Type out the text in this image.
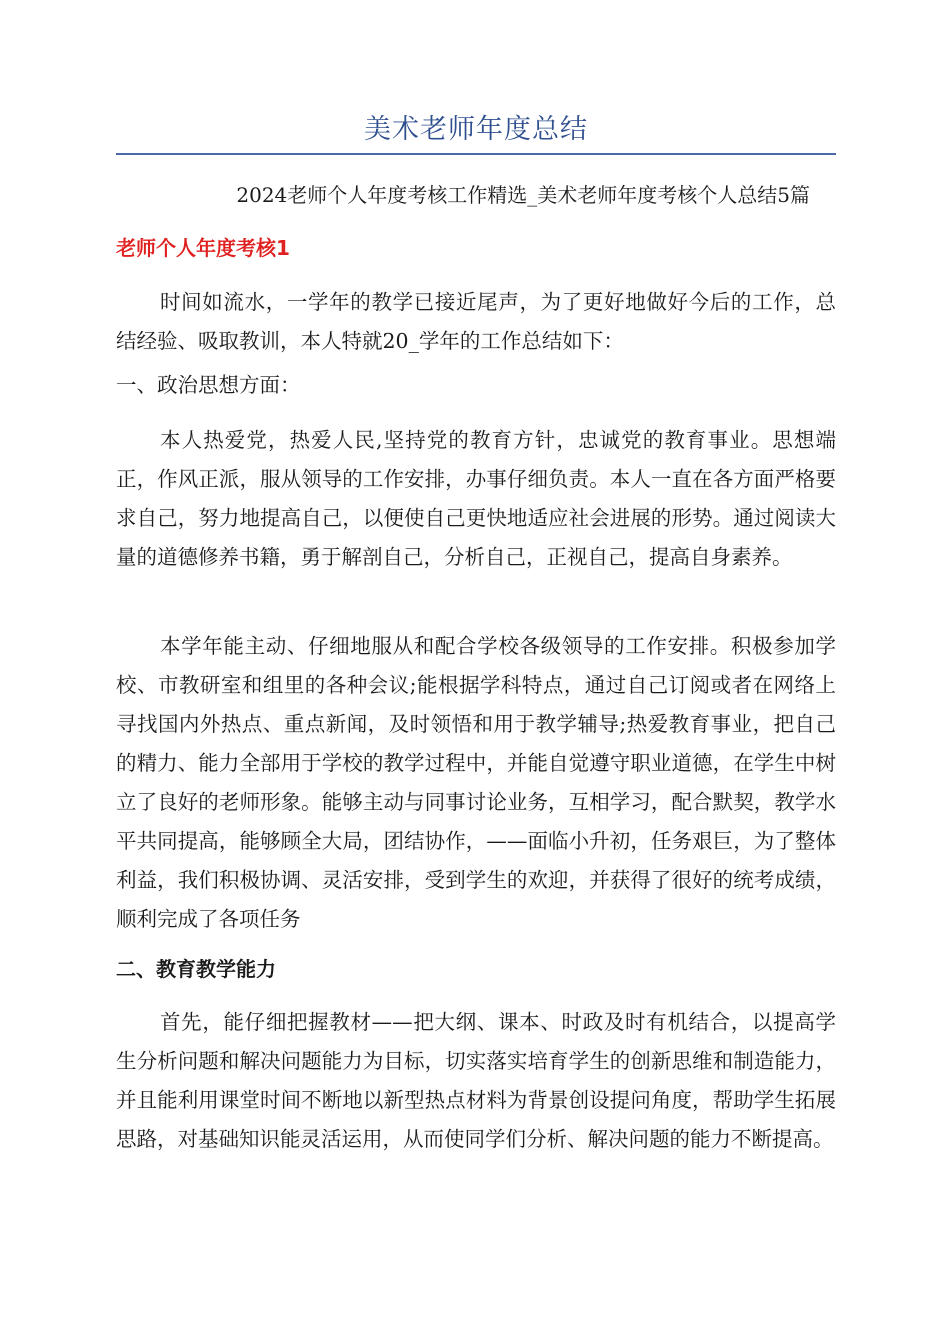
美术老师年度总结
2024老师个人年度考核工作精选_美术老师年度考核个人总结5篇
老师个人年度考核1

时间如流水，一学年的教学已接近尾声，为了更好地做好今后的工作，总结经验、吸取教训，本人特就20_学年的工作总结如下：

一、政治思想方面：

本人热爱党，热爱人民,坚持党的教育方针，忠诚党的教育事业。思想端正，作风正派，服从领导的工作安排，办事仔细负责。本人一直在各方面严格要求自己，努力地提高自己，以便使自己更快地适应社会进展的形势。通过阅读大量的道德修养书籍，勇于解剖自己，分析自己，正视自己，提高自身素养。

本学年能主动、仔细地服从和配合学校各级领导的工作安排。积极参加学校、市教研室和组里的各种会议;能根据学科特点，通过自己订阅或者在网络上寻找国内外热点、重点新闻，及时领悟和用于教学辅导;热爱教育事业，把自己的精力、能力全部用于学校的教学过程中，并能自觉遵守职业道德，在学生中树立了良好的老师形象。能够主动与同事讨论业务，互相学习，配合默契，教学水平共同提高，能够顾全大局，团结协作，——面临小升初，任务艰巨，为了整体利益，我们积极协调、灵活安排，受到学生的欢迎，并获得了很好的统考成绩，顺利完成了各项任务

二、教育教学能力

首先，能仔细把握教材——把大纲、课本、时政及时有机结合，以提高学生分析问题和解决问题能力为目标，切实落实培育学生的创新思维和制造能力，并且能利用课堂时间不断地以新型热点材料为背景创设提问角度，帮助学生拓展思路，对基础知识能灵活运用，从而使同学们分析、解决问题的能力不断提高。
